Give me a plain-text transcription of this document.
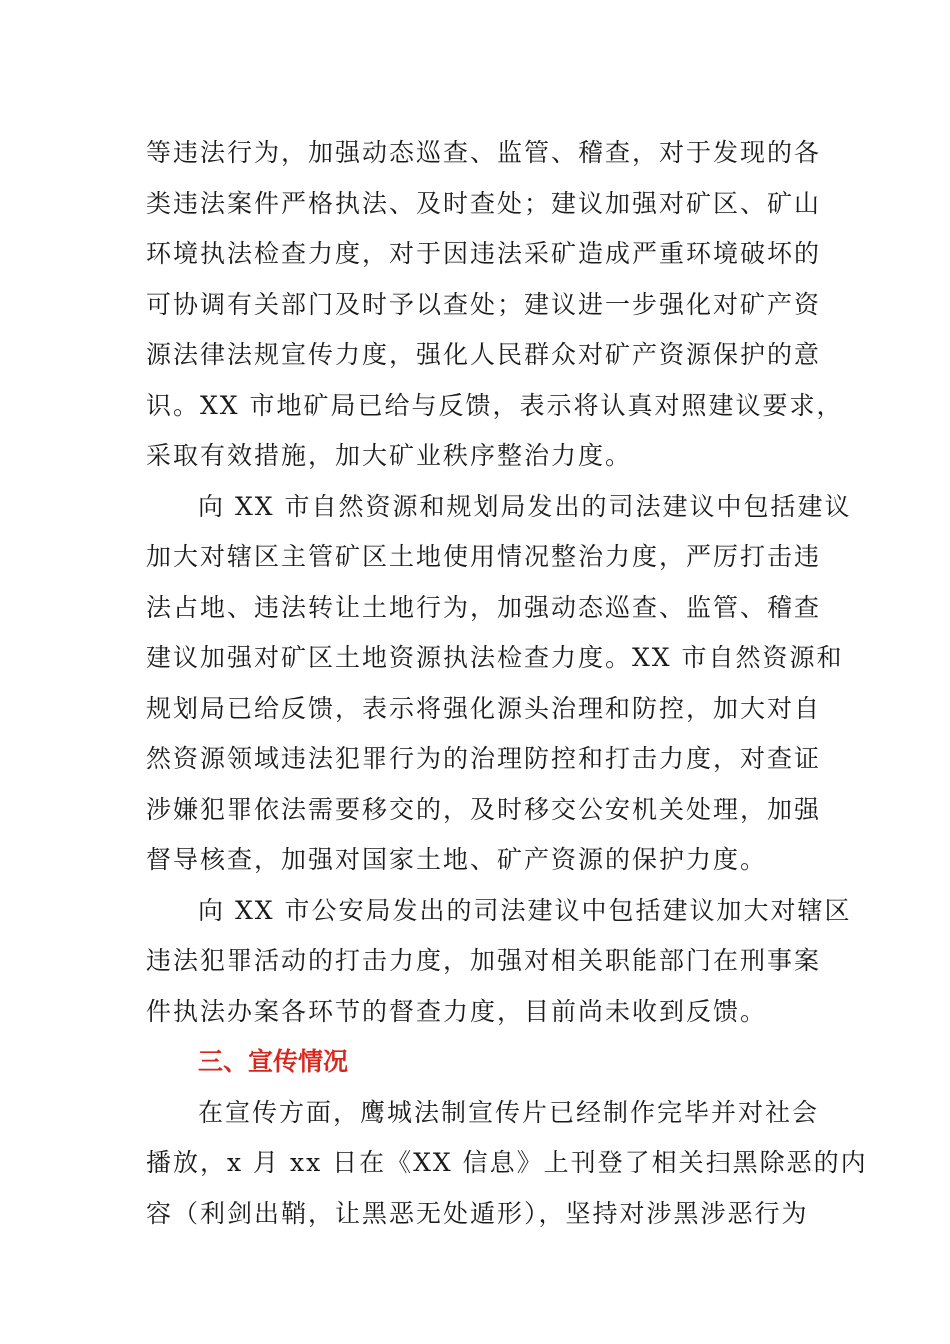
等违法行为，加强动态巡查、监管、稽查，对于发现的各
类违法案件严格执法、及时查处；建议加强对矿区、矿山
环境执法检查力度，对于因违法采矿造成严重环境破坏的
可协调有关部门及时予以查处；建议进一步强化对矿产资
源法律法规宣传力度，强化人民群众对矿产资源保护的意
识。XX 市地矿局已给与反馈，表示将认真对照建议要求，
采取有效措施，加大矿业秩序整治力度。
向 XX 市自然资源和规划局发出的司法建议中包括建议
加大对辖区主管矿区土地使用情况整治力度，严厉打击违
法占地、违法转让土地行为，加强动态巡查、监管、稽查
建议加强对矿区土地资源执法检查力度。XX 市自然资源和
规划局已给反馈，表示将强化源头治理和防控，加大对自
然资源领域违法犯罪行为的治理防控和打击力度，对查证
涉嫌犯罪依法需要移交的，及时移交公安机关处理，加强
督导核查，加强对国家土地、矿产资源的保护力度。
向 XX 市公安局发出的司法建议中包括建议加大对辖区
违法犯罪活动的打击力度，加强对相关职能部门在刑事案
件执法办案各环节的督查力度，目前尚未收到反馈。
三、宣传情况
在宣传方面，鹰城法制宣传片已经制作完毕并对社会
播放，x 月 xx 日在《XX 信息》上刊登了相关扫黑除恶的内
容（利剑出鞘，让黑恶无处遁形），坚持对涉黑涉恶行为
